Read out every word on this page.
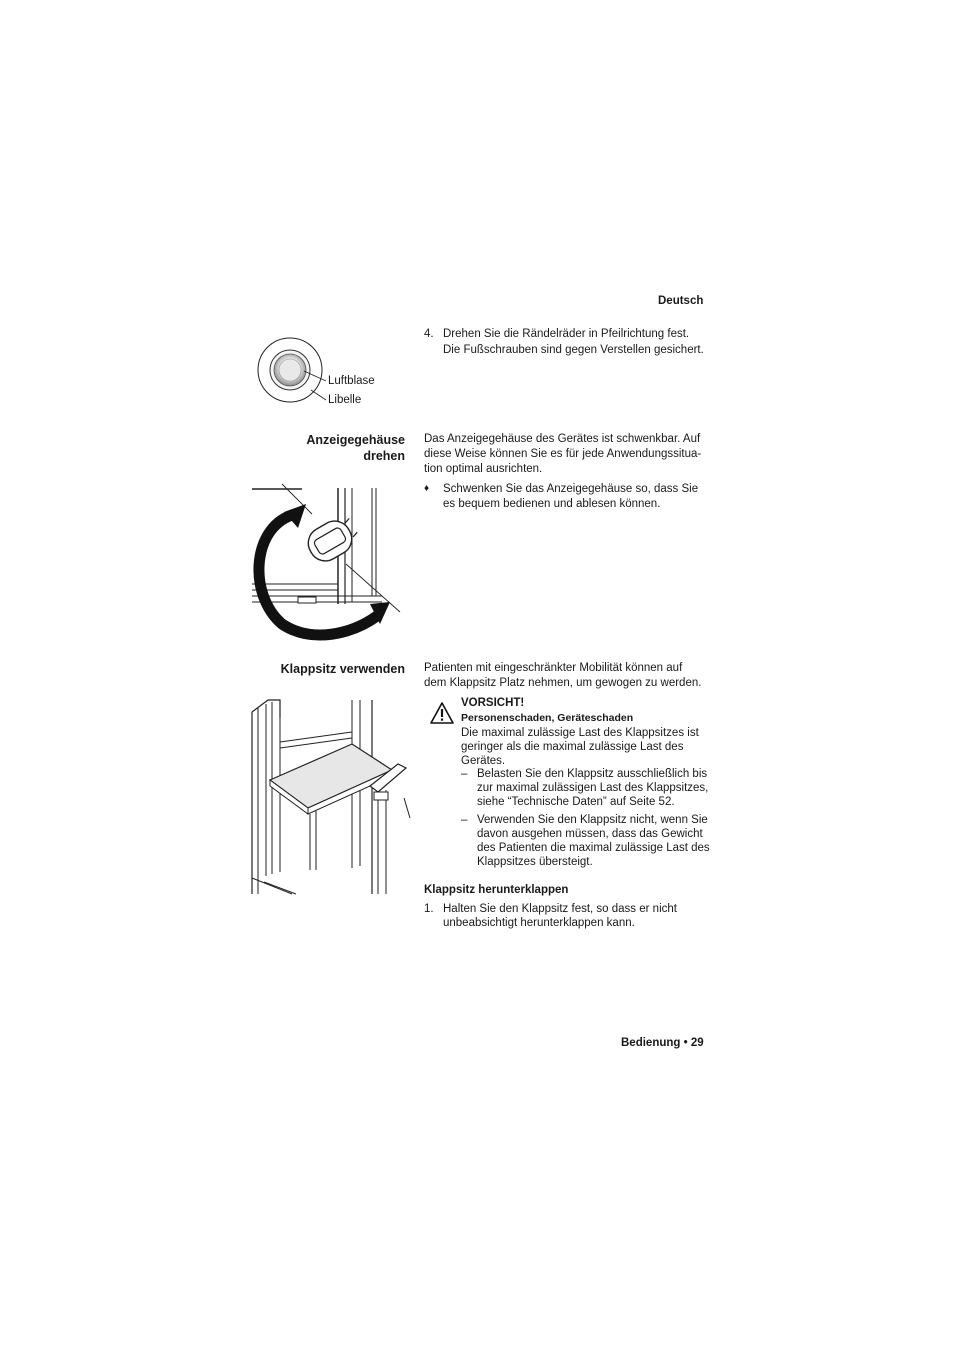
Deutsch
Luftblase
Libelle
4. Drehen Sie die Rändelräder in Pfeilrichtung fest.

Die Fußschrauben sind gegen Verstellen gesichert.

Anzeigegehäuse

drehen

Das Anzeigegehäuse des Gerätes ist schwenkbar. Auf

diese Weise können Sie es für jede Anwendungssitua-

tion optimal ausrichten.

♦ Schwenken Sie das Anzeigegehäuse so, dass Sie

es bequem bedienen und ablesen können.

Klappsitz verwenden Patienten mit eingeschränkter Mobilität können auf

dem Klappsitz Platz nehmen, um gewogen zu werden.

VORSICHT!

Personenschaden, Geräteschaden

Die maximal zulässige Last des Klappsitzes ist

geringer als die maximal zulässige Last des

Gerätes.

– Belasten Sie den Klappsitz ausschließlich bis

zur maximal zulässigen Last des Klappsitzes,

siehe “Technische Daten” auf Seite 52.

– Verwenden Sie den Klappsitz nicht, wenn Sie

davon ausgehen müssen, dass das Gewicht

des Patienten die maximal zulässige Last des

Klappsitzes übersteigt.

Klappsitz herunterklappen
1. Halten Sie den Klappsitz fest, so dass er nicht

unbeabsichtigt herunterklappen kann.

Bedienung • 29
